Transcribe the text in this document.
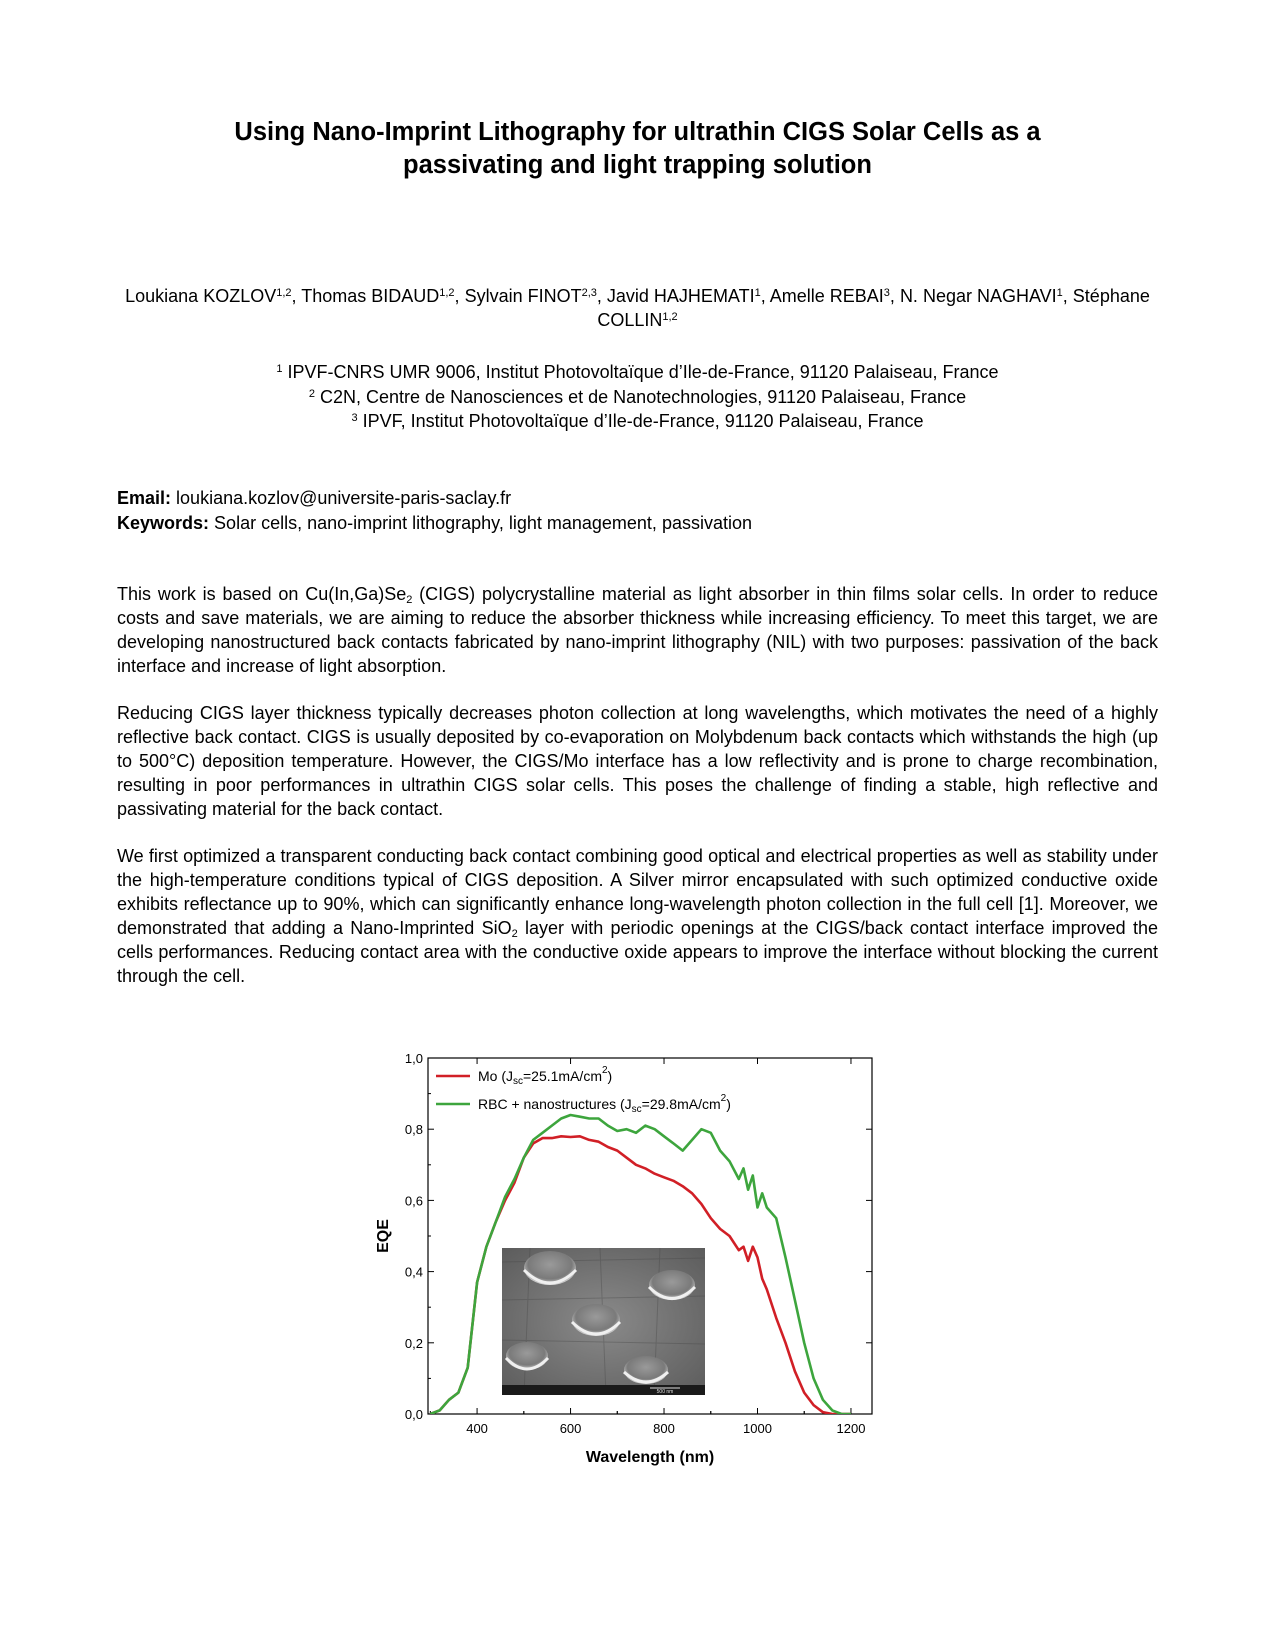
Using Nano-Imprint Lithography for ultrathin CIGS Solar Cells as a
passivating and light trapping solution
Loukiana KOZLOV$^{1,2}$, Thomas BIDAUD$^{1,2}$, Sylvain FINOT$^{2,3}$, Javid HAJHEMATI$^1$, Amelle REBAI$^3$, N. Negar NAGHAVI$^1$, Stéphane COLLIN$^{1,2}$
$^1$ IPVF-CNRS UMR 9006, Institut Photovoltaïque d’Ile-de-France, 91120 Palaiseau, France
$^2$ C2N, Centre de Nanosciences et de Nanotechnologies, 91120 Palaiseau, France
$^3$ IPVF, Institut Photovoltaïque d’Ile-de-France, 91120 Palaiseau, France
Email: loukiana.kozlov@universite-paris-saclay.fr
Keywords: Solar cells, nano-imprint lithography, light management, passivation
This work is based on $Cu(In,Ga)Se_2$ (CIGS) polycrystalline material as light absorber in thin films solar cells. In order to reduce costs and save materials, we are aiming to reduce the absorber thickness while increasing efficiency. To meet this target, we are developing nanostructured back contacts fabricated by nano-imprint lithography (NIL) with two purposes: passivation of the back interface and increase of light absorption.
Reducing CIGS layer thickness typically decreases photon collection at long wavelengths, which motivates the need of a highly reflective back contact. CIGS is usually deposited by co-evaporation on Molybdenum back contacts which withstands the high (up to 500°C) deposition temperature. However, the CIGS/Mo interface has a low reflectivity and is prone to charge recombination, resulting in poor performances in ultrathin CIGS solar cells. This poses the challenge of finding a stable, high reflective and passivating material for the back contact.
We first optimized a transparent conducting back contact combining good optical and electrical properties as well as stability under the high-temperature conditions typical of CIGS deposition. A Silver mirror encapsulated with such optimized conductive oxide exhibits reflectance up to 90%, which can significantly enhance long-wavelength photon collection in the full cell [1]. Moreover, we demonstrated that adding a Nano-Imprinted SiO$_2$ layer with periodic openings at the CIGS/back contact interface improved the cells performances. Reducing contact area with the conductive oxide appears to improve the interface without blocking the current through the cell.
0,0
0,2
0,4
0,6
0,8
1,0
400	600	800	1000	1200
EQE
Wavelength (nm)
500 nm
Mo $(J_{sc}=25.1mA/cm^2)$
RBC + nanostructures $(J_{sc}=29.8mA/cm^2)$
